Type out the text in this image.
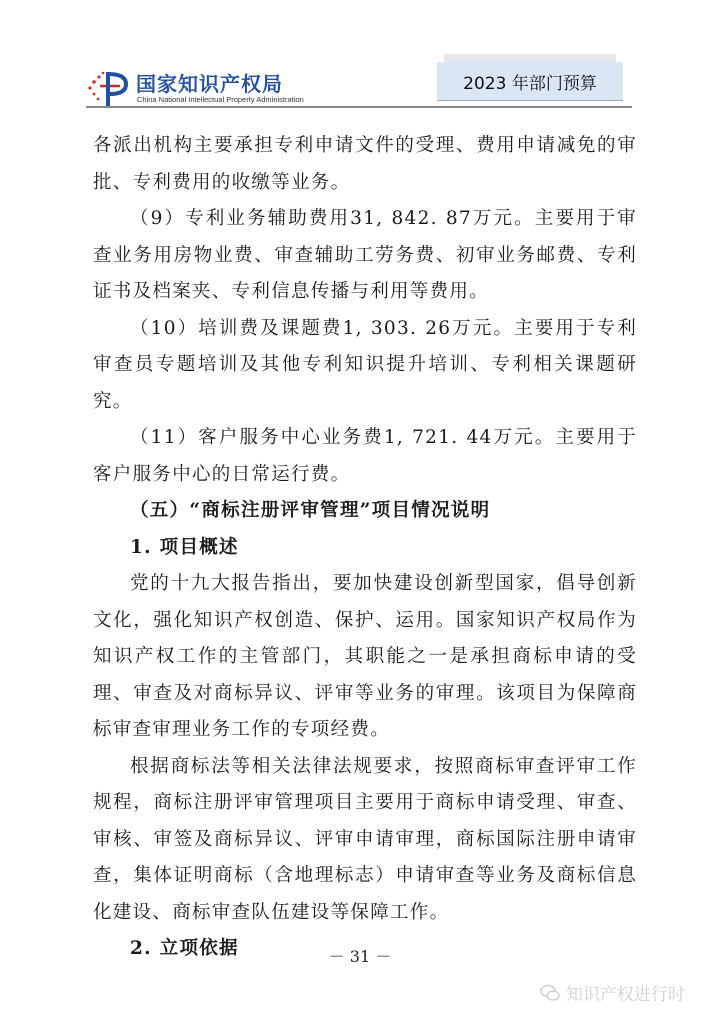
国家知识产权局
China National Intellectual Property Administration
2023 年部门预算

各派出机构主要承担专利申请文件的受理、费用申请减免的审批、专利费用的收缴等业务。

（9）专利业务辅助费用31, 842. 87万元。主要用于审查业务用房物业费、审查辅助工劳务费、初审业务邮费、专利证书及档案夹、专利信息传播与利用等费用。

（10）培训费及课题费1, 303. 26万元。主要用于专利审查员专题培训及其他专利知识提升培训、专利相关课题研究。

（11）客户服务中心业务费1, 721. 44万元。主要用于客户服务中心的日常运行费。

（五）“商标注册评审管理”项目情况说明

1. 项目概述

党的十九大报告指出，要加快建设创新型国家，倡导创新文化，强化知识产权创造、保护、运用。国家知识产权局作为知识产权工作的主管部门，其职能之一是承担商标申请的受理、审查及对商标异议、评审等业务的审理。该项目为保障商标审查审理业务工作的专项经费。

根据商标法等相关法律法规要求，按照商标审查评审工作规程，商标注册评审管理项目主要用于商标申请受理、审查、审核、审签及商标异议、评审申请审理，商标国际注册申请审查，集体证明商标（含地理标志）申请审查等业务及商标信息化建设、商标审查队伍建设等保障工作。

2. 立项依据	－ 31 －
知识产权进行时
